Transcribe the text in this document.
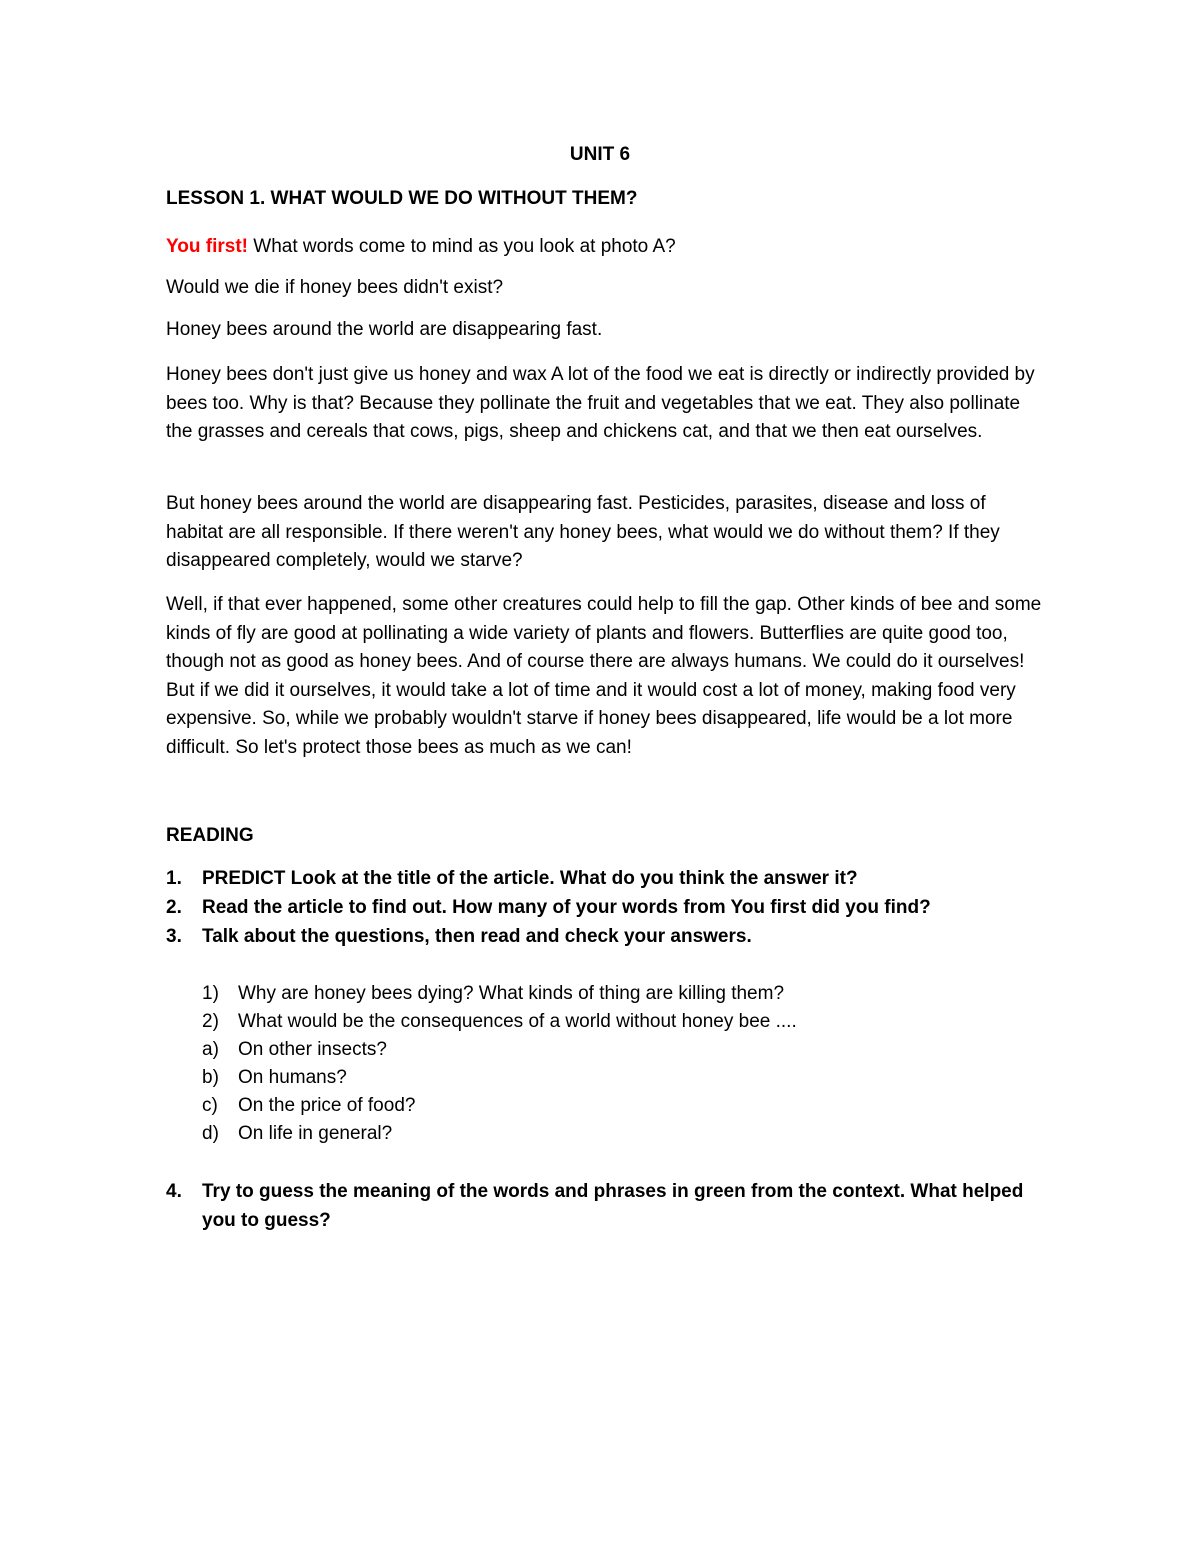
UNIT 6
LESSON 1. WHAT WOULD WE DO WITHOUT THEM?
You first! What words come to mind as you look at photo A?
Would we die if honey bees didn't exist?
Honey bees around the world are disappearing fast.

Honey bees don't just give us honey and wax A lot of the food we eat is directly or indirectly provided by bees too. Why is that? Because they pollinate the fruit and vegetables that we eat. They also pollinate the grasses and cereals that cows, pigs, sheep and chickens cat, and that we then eat ourselves.

But honey bees around the world are disappearing fast. Pesticides, parasites, disease and loss of habitat are all responsible. If there weren't any honey bees, what would we do without them? If they disappeared completely, would we starve?

Well, if that ever happened, some other creatures could help to fill the gap. Other kinds of bee and some kinds of fly are good at pollinating a wide variety of plants and flowers. Butterflies are quite good too, though not as good as honey bees. And of course there are always humans. We could do it ourselves! But if we did it ourselves, it would take a lot of time and it would cost a lot of money, making food very expensive. So, while we probably wouldn't starve if honey bees disappeared, life would be a lot more difficult. So let's protect those bees as much as we can!

READING
1. PREDICT Look at the title of the article. What do you think the answer it?
2. Read the article to find out. How many of your words from You first did you find?
3. Talk about the questions, then read and check your answers.
1) Why are honey bees dying? What kinds of thing are killing them?
2) What would be the consequences of a world without honey bee ....
a) On other insects?
b) On humans?
c) On the price of food?
d) On life in general?
4. Try to guess the meaning of the words and phrases in green from the context. What helped you to guess?
